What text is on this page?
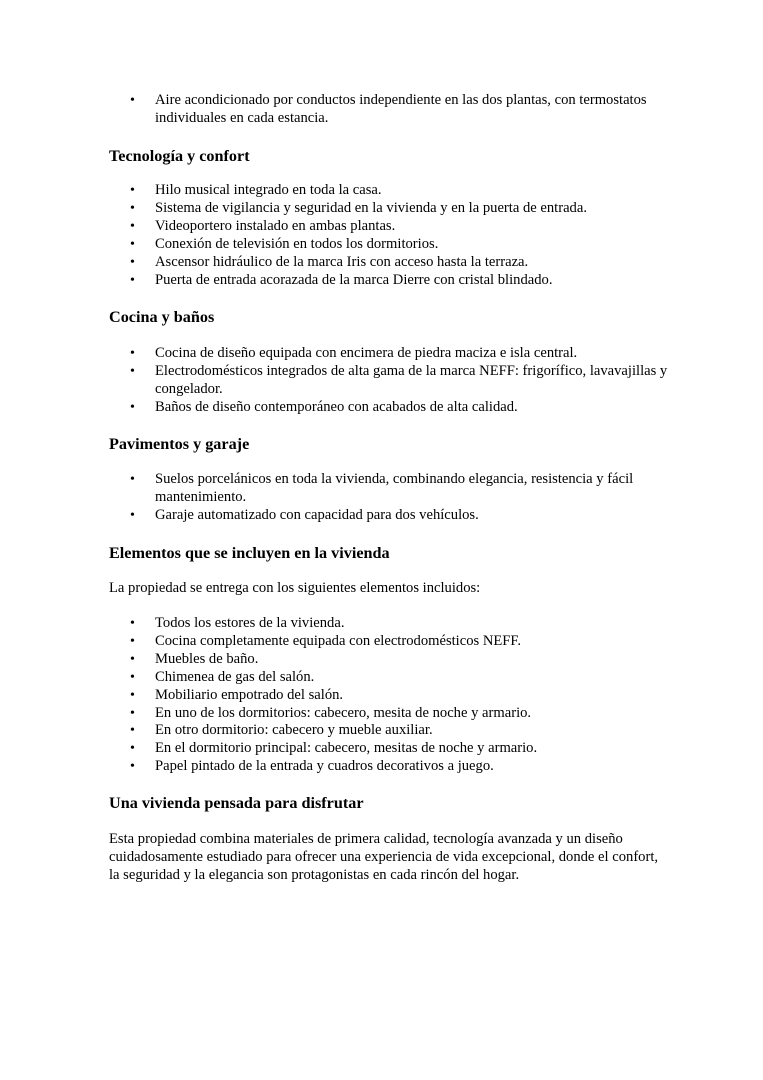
• Aire acondicionado por conductos independiente en las dos plantas, con termostatos individuales en cada estancia.
Tecnología y confort
• Hilo musical integrado en toda la casa.
• Sistema de vigilancia y seguridad en la vivienda y en la puerta de entrada.
• Videoportero instalado en ambas plantas.
• Conexión de televisión en todos los dormitorios.
• Ascensor hidráulico de la marca Iris con acceso hasta la terraza.
• Puerta de entrada acorazada de la marca Dierre con cristal blindado.
Cocina y baños
• Cocina de diseño equipada con encimera de piedra maciza e isla central.
• Electrodomésticos integrados de alta gama de la marca NEFF: frigorífico, lavavajillas y congelador.
• Baños de diseño contemporáneo con acabados de alta calidad.
Pavimentos y garaje
• Suelos porcelánicos en toda la vivienda, combinando elegancia, resistencia y fácil mantenimiento.
• Garaje automatizado con capacidad para dos vehículos.
Elementos que se incluyen en la vivienda

La propiedad se entrega con los siguientes elementos incluidos:

• Todos los estores de la vivienda.
• Cocina completamente equipada con electrodomésticos NEFF.
• Muebles de baño.
• Chimenea de gas del salón.
• Mobiliario empotrado del salón.
• En uno de los dormitorios: cabecero, mesita de noche y armario.
• En otro dormitorio: cabecero y mueble auxiliar.
• En el dormitorio principal: cabecero, mesitas de noche y armario.
• Papel pintado de la entrada y cuadros decorativos a juego.
Una vivienda pensada para disfrutar

Esta propiedad combina materiales de primera calidad, tecnología avanzada y un diseño cuidadosamente estudiado para ofrecer una experiencia de vida excepcional, donde el confort, la seguridad y la elegancia son protagonistas en cada rincón del hogar.
